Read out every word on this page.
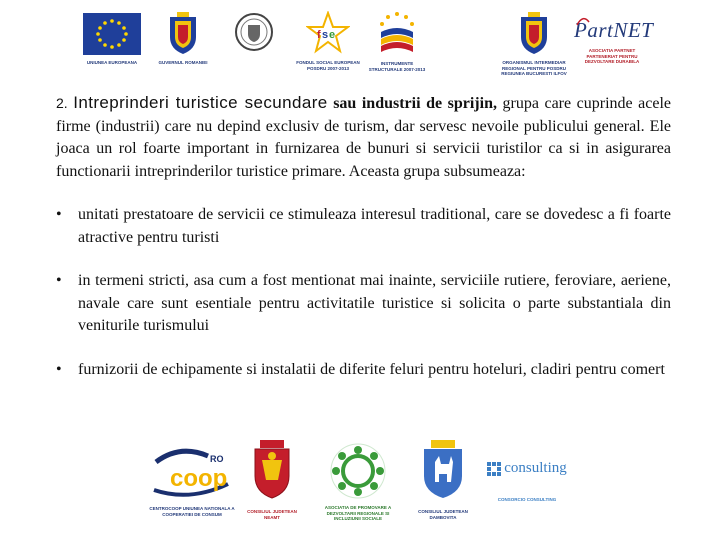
UNIUNEA EUROPEANA	GUVERNUL ROMANIEI
f s e
FONDUL SOCIAL EUROPEAN POSDRU 2007-2013
INSTRUMENTE STRUCTURALE 2007-2013
ORGANISMUL INTERMEDIAR REGIONAL PENTRU POSDRU REGIUNEA BUCURESTI ILFOV
PartNET
ASOCIATIA PARTNET PARTENERIAT PENTRU DEZVOLTARE DURABILA

2. Intreprinderi turistice secundare sau industrii de sprijin, grupa care cuprinde acele firme (industrii) care nu depind exclusiv de turism, dar servesc nevoile publicului general. Ele joaca un rol foarte important in furnizarea de bunuri si servicii turistilor ca si in asigurarea functionarii intreprinderilor turistice primare. Aceasta grupa subsumeaza:

• unitati prestatoare de servicii ce stimuleaza interesul traditional, care se dovedesc a fi foarte atractive pentru turisti
• in termeni stricti, asa cum a fost mentionat mai inainte, serviciile rutiere, feroviare, aeriene, navale care sunt esentiale pentru activitatile turistice si solicita o parte substantiala din veniturile turismului
• furnizorii de echipamente si instalatii de diferite feluri pentru hoteluri, cladiri pentru comert
coop
RO
CENTROCOOP UNIUNEA NATIONALA A COOPERATIEI DE CONSUM	CONSILIUL JUDETEAN NEAMT
ASOCIATIA DE PROMOVARE A DEZVOLTARII REGIONALE SI INCLUZIUNII SOCIALE
CONSILIUL JUDETEAN DAMBOVITA
consulting
CONSORCIO CONSULTING
